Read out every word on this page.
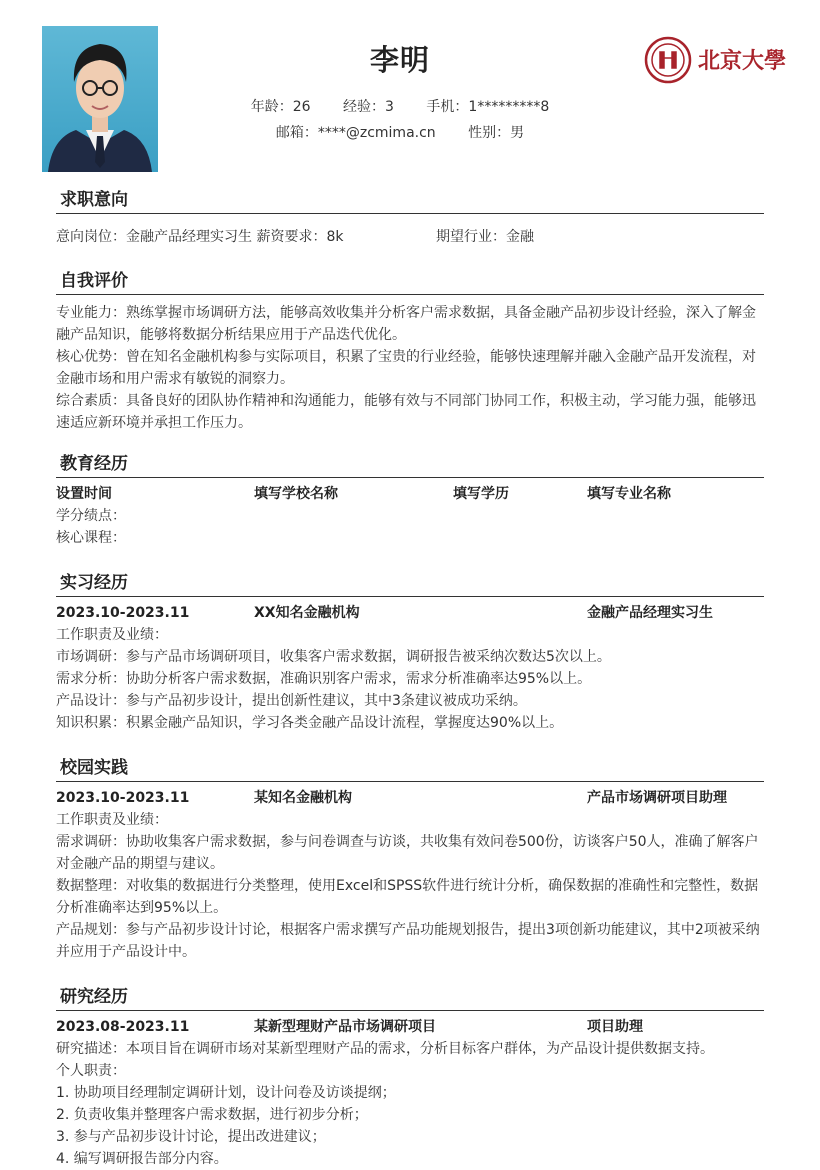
北京大學
李明
年龄：26 经验：3 手机：1*********8
邮箱：****@zcmima.cn 性别：男
求职意向
意向岗位：金融产品经理实习生 薪资要求：8k	期望行业：金融
自我评价
专业能力：熟练掌握市场调研方法，能够高效收集并分析客户需求数据，具备金融产品初步设计经验，深入了解金
融产品知识，能够将数据分析结果应用于产品迭代优化。
核心优势：曾在知名金融机构参与实际项目，积累了宝贵的行业经验，能够快速理解并融入金融产品开发流程，对
金融市场和用户需求有敏锐的洞察力。
综合素质：具备良好的团队协作精神和沟通能力，能够有效与不同部门协同工作，积极主动，学习能力强，能够迅
速适应新环境并承担工作压力。
教育经历
设置时间	填写学校名称	填写学历	填写专业名称
学分绩点：
核心课程：
实习经历
2023.10-2023.11	XX知名金融机构	金融产品经理实习生
工作职责及业绩：
市场调研：参与产品市场调研项目，收集客户需求数据，调研报告被采纳次数达5次以上。
需求分析：协助分析客户需求数据，准确识别客户需求，需求分析准确率达95%以上。
产品设计：参与产品初步设计，提出创新性建议，其中3条建议被成功采纳。
知识积累：积累金融产品知识，学习各类金融产品设计流程，掌握度达90%以上。
校园实践
2023.10-2023.11	某知名金融机构	产品市场调研项目助理
工作职责及业绩：
需求调研：协助收集客户需求数据，参与问卷调查与访谈，共收集有效问卷500份，访谈客户50人，准确了解客户
对金融产品的期望与建议。
数据整理：对收集的数据进行分类整理，使用Excel和SPSS软件进行统计分析，确保数据的准确性和完整性，数据
分析准确率达到95%以上。
产品规划：参与产品初步设计讨论，根据客户需求撰写产品功能规划报告，提出3项创新功能建议，其中2项被采纳
并应用于产品设计中。
研究经历
2023.08-2023.11	某新型理财产品市场调研项目	项目助理
研究描述：本项目旨在调研市场对某新型理财产品的需求，分析目标客户群体，为产品设计提供数据支持。
个人职责：
1. 协助项目经理制定调研计划，设计问卷及访谈提纲；
2. 负责收集并整理客户需求数据，进行初步分析；
3. 参与产品初步设计讨论，提出改进建议；
4. 编写调研报告部分内容。
